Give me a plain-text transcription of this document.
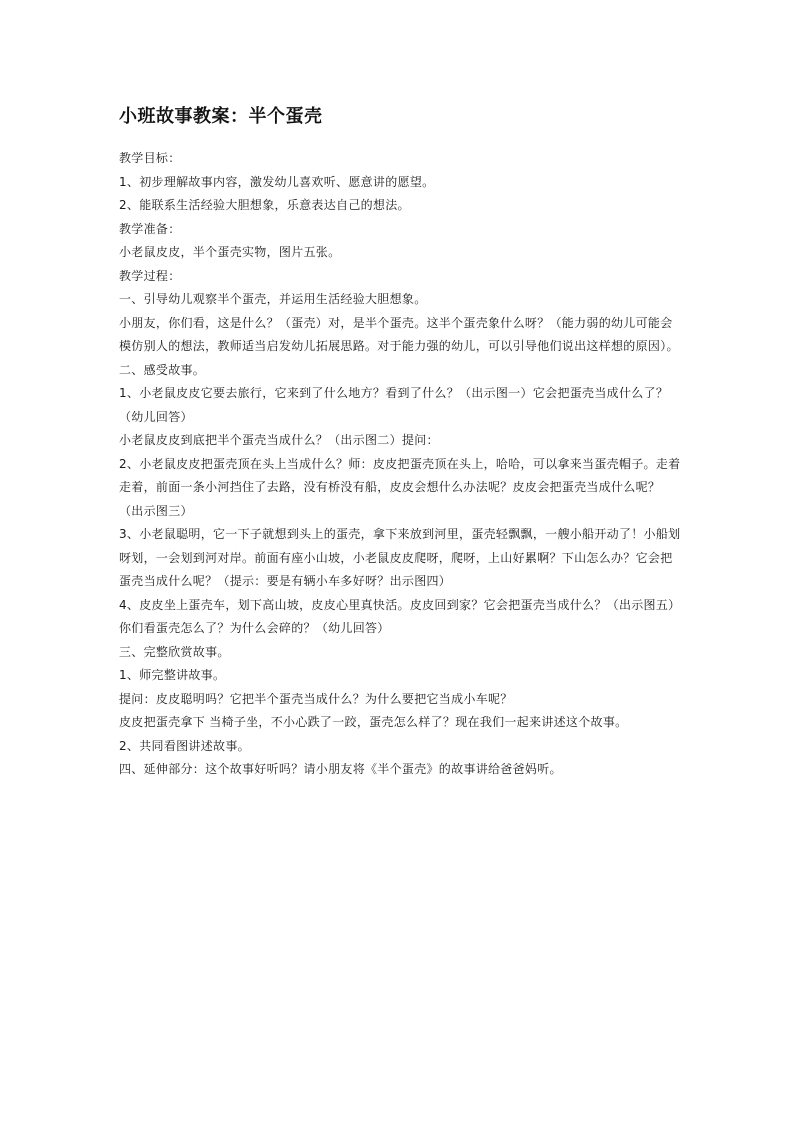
小班故事教案：半个蛋壳

教学目标：

1、初步理解故事内容，激发幼儿喜欢听、愿意讲的愿望。

2、能联系生活经验大胆想象，乐意表达自己的想法。

教学准备：

小老鼠皮皮，半个蛋壳实物，图片五张。

教学过程：

一、引导幼儿观察半个蛋壳，并运用生活经验大胆想象。

小朋友，你们看，这是什么？（蛋壳）对，是半个蛋壳。这半个蛋壳象什么呀？（能力弱的幼儿可能会模仿别人的想法，教师适当启发幼儿拓展思路。对于能力强的幼儿，可以引导他们说出这样想的原因）。

二、感受故事。

1、小老鼠皮皮它要去旅行，它来到了什么地方？看到了什么？（出示图一）它会把蛋壳当成什么了？（幼儿回答）

小老鼠皮皮到底把半个蛋壳当成什么？（出示图二）提问：

2、小老鼠皮皮把蛋壳顶在头上当成什么？师：皮皮把蛋壳顶在头上，哈哈，可以拿来当蛋壳帽子。走着走着，前面一条小河挡住了去路，没有桥没有船，皮皮会想什么办法呢？皮皮会把蛋壳当成什么呢？（出示图三）

3、小老鼠聪明，它一下子就想到头上的蛋壳，拿下来放到河里，蛋壳轻飘飘，一艘小船开动了！小船划呀划，一会划到河对岸。前面有座小山坡，小老鼠皮皮爬呀，爬呀，上山好累啊？下山怎么办？它会把蛋壳当成什么呢？（提示：要是有辆小车多好呀？出示图四）

4、皮皮坐上蛋壳车，划下高山坡，皮皮心里真快活。皮皮回到家？它会把蛋壳当成什么？（出示图五）你们看蛋壳怎么了？为什么会碎的？（幼儿回答）

三、完整欣赏故事。

1、师完整讲故事。

提问：皮皮聪明吗？它把半个蛋壳当成什么？为什么要把它当成小车呢？

皮皮把蛋壳拿下 当椅子坐，不小心跌了一跤，蛋壳怎么样了？现在我们一起来讲述这个故事。

2、共同看图讲述故事。

四、延伸部分：这个故事好听吗？请小朋友将《半个蛋壳》的故事讲给爸爸妈听。
